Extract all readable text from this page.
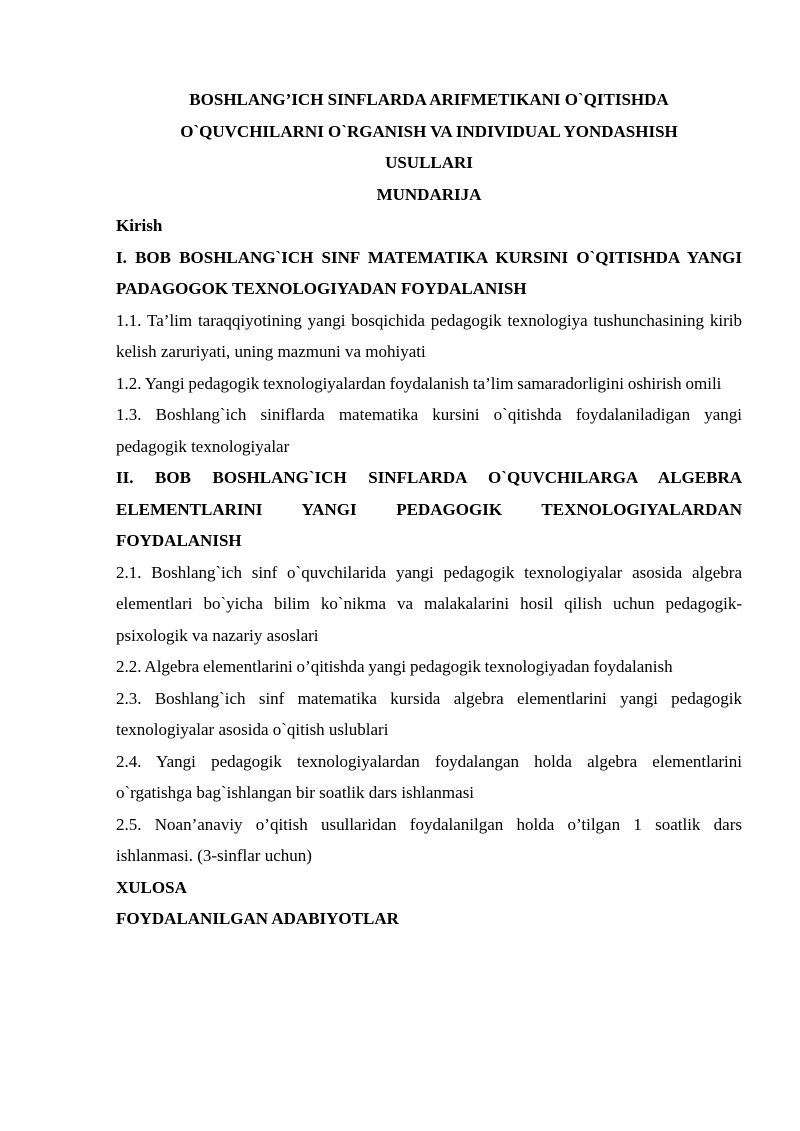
BOSHLANG’ICH SINFLARDA ARIFMETIKANI O`QITISHDA
O`QUVCHILARNI O`RGANISH VA INDIVIDUAL YONDASHISH
USULLARI
MUNDARIJA

Kirish

I. BOB BOSHLANG`ICH SINF MATEMATIKA KURSINI O`QITISHDA YANGI PADAGOGOK TEXNOLOGIYADAN FOYDALANISH

1.1. Ta’lim taraqqiyotining yangi bosqichida pedagogik texnologiya tushunchasining kirib kelish zaruriyati, uning mazmuni va mohiyati

1.2. Yangi pedagogik texnologiyalardan foydalanish ta’lim samaradorligini oshirish omili

1.3. Boshlang`ich siniflarda matematika kursini o`qitishda foydalaniladigan yangi pedagogik texnologiyalar

II. BOB BOSHLANG`ICH SINFLARDA O`QUVCHILARGA ALGEBRA ELEMENTLARINI YANGI PEDAGOGIK TEXNOLOGIYALARDAN FOYDALANISH

2.1. Boshlang`ich sinf o`quvchilarida yangi pedagogik texnologiyalar asosida algebra elementlari bo`yicha bilim ko`nikma va malakalarini hosil qilish uchun pedagogik-psixologik va nazariy asoslari

2.2. Algebra elementlarini o’qitishda yangi pedagogik texnologiyadan foydalanish

2.3. Boshlang`ich sinf matematika kursida algebra elementlarini yangi pedagogik texnologiyalar asosida o`qitish uslublari

2.4. Yangi pedagogik texnologiyalardan foydalangan holda algebra elementlarini o`rgatishga bag`ishlangan bir soatlik dars ishlanmasi

2.5. Noan’anaviy o’qitish usullaridan foydalanilgan holda o’tilgan 1 soatlik dars ishlanmasi. (3-sinflar uchun)

XULOSA

FOYDALANILGAN ADABIYOTLAR
